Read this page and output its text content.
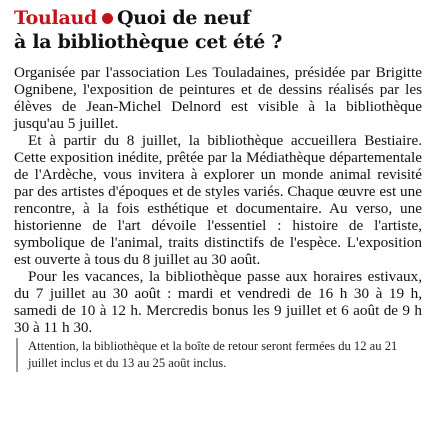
Toulaud Quoi de neuf
à la bibliothèque cet été ?

Organisée par l'association Les Touladaines, présidée par Brigitte Ognibene, l'exposition de peintures et de dessins réalisés par les élèves de Jean-Michel Delnord est visible à la bibliothèque jusqu'au 5 juillet.

Et à partir du 8 juillet, la bibliothèque accueillera Bestiaire. Cette exposition inédite, prêtée par la Médiathèque départementale de l'Ardèche, vous invitera à explorer un monde animal revisité par des artistes d'époques et de styles variés. Chaque œuvre est une rencontre, à la fois esthétique et documentaire. Au verso, une historienne de l'art dévoile l'essentiel : histoire de l'artiste, symbolique de l'animal, traits distinctifs de l'espèce. L'exposition est ouverte à tous du 8 juillet au 30 août.

Pour les vacances, la bibliothèque passe aux horaires estivaux, du 7 juillet au 30 août : mardi et vendredi de 16 h 30 à 19 h, samedi de 10 à 12 h. Mercredis bonus les 9 juillet et 6 août de 9 h 30 à 11 h 30.

Attention, la bibliothèque et la boîte de retour seront fermées du 12 au 21 juillet inclus et du 13 au 25 août inclus.
